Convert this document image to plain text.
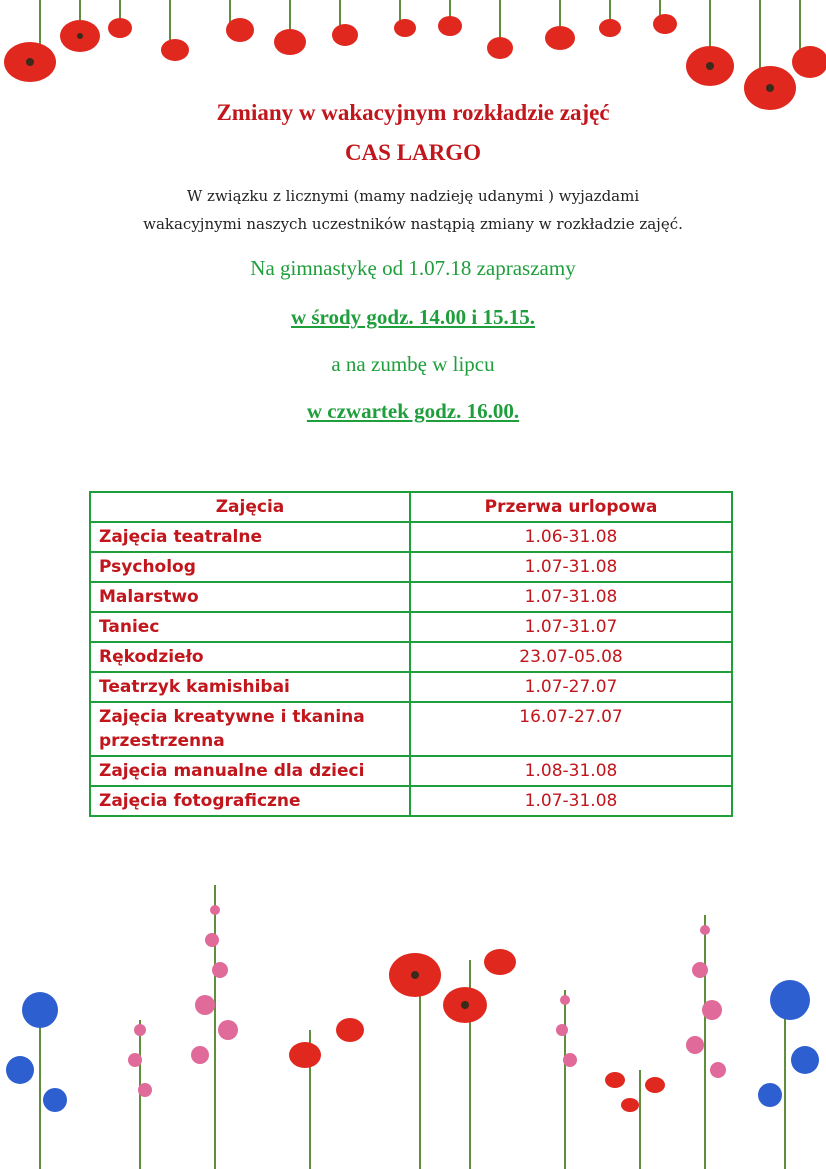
Zmiany w wakacyjnym rozkładzie zajęć
CAS LARGO
W związku z licznymi (mamy nadzieję udanymi ) wyjazdami
wakacyjnymi naszych uczestników nastąpią zmiany w rozkładzie zajęć.
Na gimnastykę od 1.07.18 zapraszamy
w środy godz. 14.00 i 15.15.
a na zumbę w lipcu
w czwartek godz. 16.00.
Zajęcia	Przerwa urlopowa
Zajęcia teatralne	1.06-31.08
Psycholog	1.07-31.08
Malarstwo	1.07-31.08
Taniec	1.07-31.07
Rękodzieło	23.07-05.08
Teatrzyk kamishibai	1.07-27.07
Zajęcia kreatywne i tkanina przestrzenna	16.07-27.07
Zajęcia manualne dla dzieci	1.08-31.08
Zajęcia fotograficzne	1.07-31.08
